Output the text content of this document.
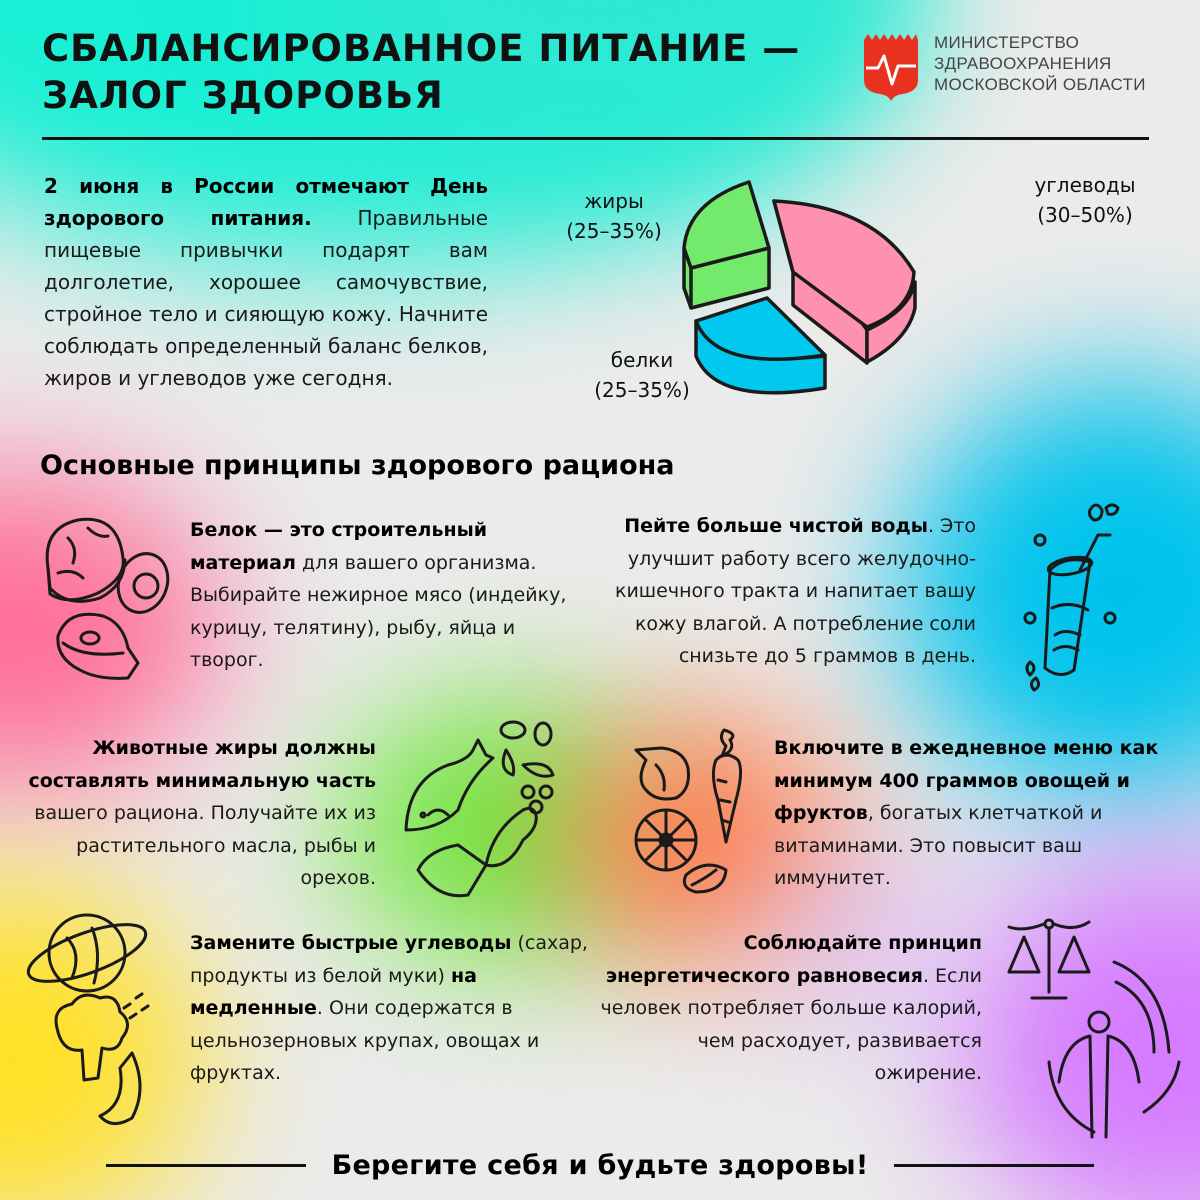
СБАЛАНСИРОВАННОЕ ПИТАНИЕ —
ЗАЛОГ ЗДОРОВЬЯ
МИНИСТЕРСТВО
ЗДРАВООХРАНЕНИЯ
МОСКОВСКОЙ ОБЛАСТИ
2 июня в России отмечают День здорового питания. Правильные пищевые привычки подарят вам долголетие, хорошее самочувствие, стройное тело и сияющую кожу. Начните соблюдать определенный баланс белков, жиров и углеводов уже сегодня.
жиры
(25–35%)
углеводы
(30–50%)
белки
(25–35%)
Основные принципы здорового рациона
Белок — это строительный материал для вашего организма. Выбирайте нежирное мясо (индейку, курицу, телятину), рыбу, яйца и творог.
Пейте больше чистой воды. Это улучшит работу всего желудочно-кишечного тракта и напитает вашу кожу влагой. А потребление соли снизьте до 5 граммов в день.
Животные жиры должны составлять минимальную часть вашего рациона. Получайте их из растительного масла, рыбы и орехов.
Включите в ежедневное меню как минимум 400 граммов овощей и фруктов, богатых клетчаткой и витаминами. Это повысит ваш иммунитет.
Замените быстрые углеводы (сахар, продукты из белой муки) на медленные. Они содержатся в цельнозерновых крупах, овощах и фруктах.
Соблюдайте принцип энергетического равновесия. Если человек потребляет больше калорий, чем расходует, развивается ожирение.
Берегите себя и будьте здоровы!
